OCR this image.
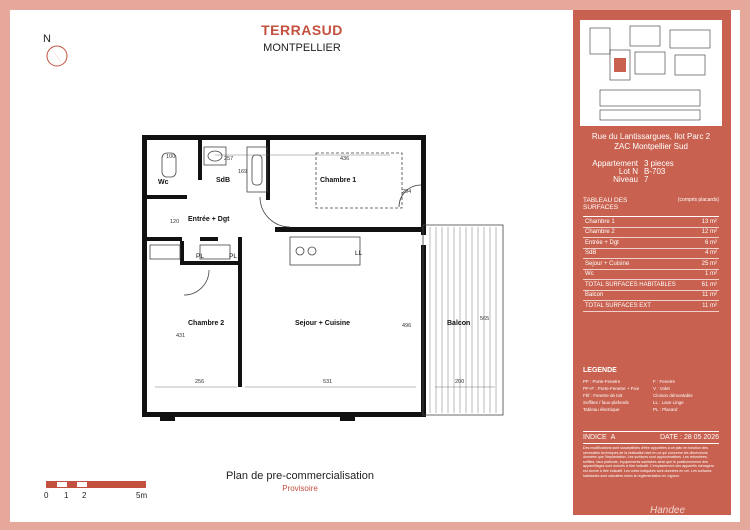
N
TERRASUD
MONTPELLIER
Wc	SdB	Chambre 1
Entrée + Dgt
Chambre 2	Sejour + Cuisine	Balcon
PL	PL	LL
257	436
256	531	200
431
496
565
294
100
169
120
0 1 2	5m
Plan de pre-commercialisation
Provisoire
Rue du Lantissargues, Ilot Parc 2
ZAC Montpellier Sud
Appartement 3 pieces
Lot N B-703
Niveau 7
TABLEAU DES SURFACES
(compris placards)
Chambre 1	13 m²
Chambre 2	12 m²
Entrée + Dgt	6 m²
SdB	4 m²
Sejour + Cuisine	25 m²
Wc	1 m²
TOTAL SURFACES HABITABLES	61 m²
Balcon	11 m²
TOTAL SURFACES EXT	11 m²
LEGENDE
PF : Porte-Fenetre	F : Fenetre
PF+F : Porte-Fenetre + Fixe	V : Volet
Fbf : Fenetre de toit	Cloison démontable
Soffites / faux-plafonds	LL : Lave Linge
Tableau électrique	PL : Placard
INDICE A	DATE : 28 05 2026
Des modifications sont susceptibles d'être apportées à ce plan en fonction des nécessités techniques de la réalisation tant en ce qui concerne les dimensions données que l'implantation. Les surfaces sont approximatives. Les retombées, soffites, faux plafonds, équipements sanitaires ainsi que le positionnement des appareillages sont donnés à titre indicatif. L'emplacement des appareils ménagers est donné à titre indicatif. Les cotes indiquées sont données en cm. Les surfaces habitables sont calculées selon la réglementation en vigueur.
Handee
